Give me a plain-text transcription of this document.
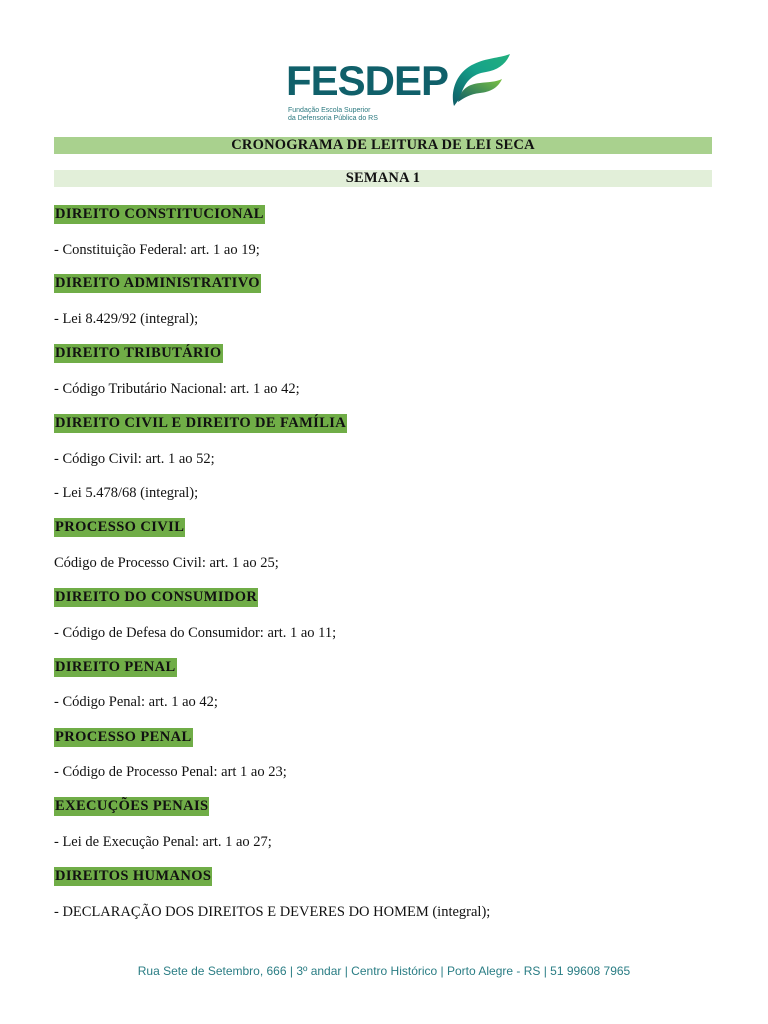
FESDEP
Fundação Escola Superior
da Defensoria Pública do RS
CRONOGRAMA DE LEITURA DE LEI SECA
SEMANA 1
DIREITO CONSTITUCIONAL
- Constituição Federal: art. 1 ao 19;
DIREITO ADMINISTRATIVO
- Lei 8.429/92 (integral);
DIREITO TRIBUTÁRIO
- Código Tributário Nacional: art. 1 ao 42;
DIREITO CIVIL E DIREITO DE FAMÍLIA
- Código Civil: art. 1 ao 52;
- Lei 5.478/68 (integral);
PROCESSO CIVIL
Código de Processo Civil: art. 1 ao 25;
DIREITO DO CONSUMIDOR
- Código de Defesa do Consumidor: art. 1 ao 11;
DIREITO PENAL
- Código Penal: art. 1 ao 42;
PROCESSO PENAL
- Código de Processo Penal: art 1 ao 23;
EXECUÇÕES PENAIS
- Lei de Execução Penal: art. 1 ao 27;
DIREITOS HUMANOS
- DECLARAÇÃO DOS DIREITOS E DEVERES DO HOMEM (integral);
Rua Sete de Setembro, 666 | 3º andar | Centro Histórico | Porto Alegre - RS | 51 99608 7965
